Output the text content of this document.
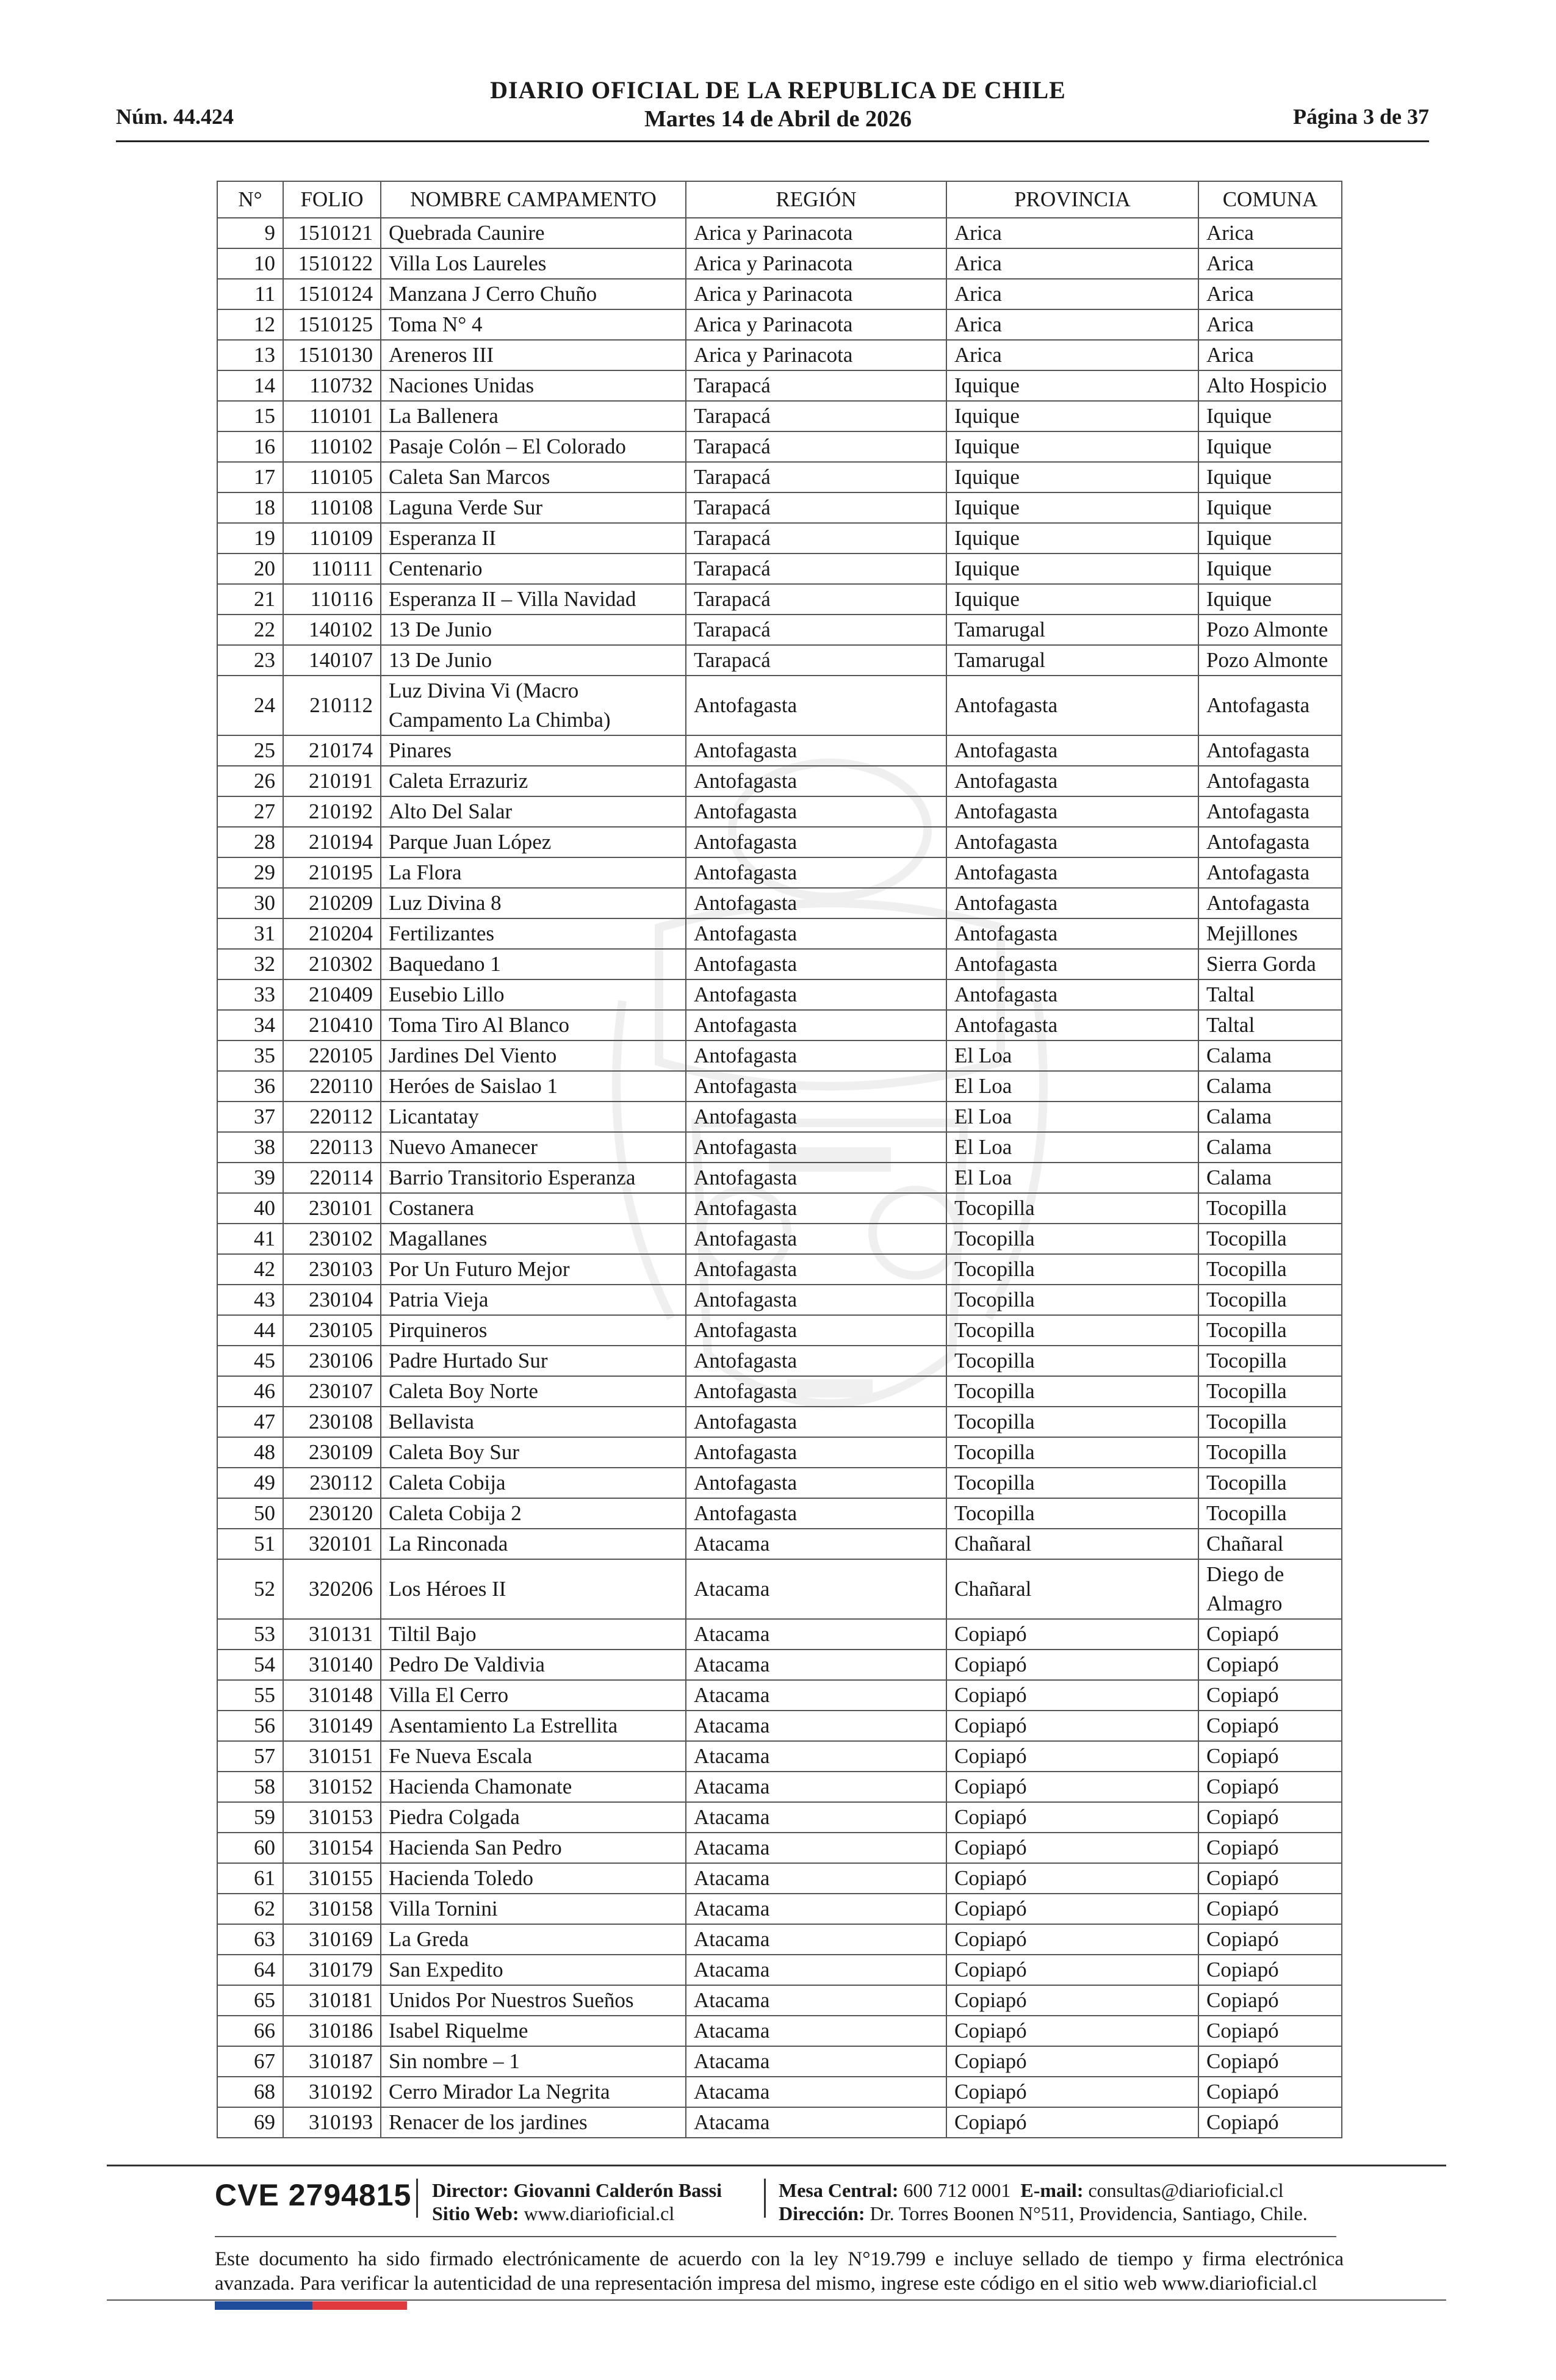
Núm. 44.424
DIARIO OFICIAL DE LA REPUBLICA DE CHILE
Martes 14 de Abril de 2026	Página 3 de 37
N°	FOLIO	NOMBRE CAMPAMENTO	REGIÓN	PROVINCIA	COMUNA
9	1510121	Quebrada Caunire	Arica y Parinacota	Arica	Arica
10	1510122	Villa Los Laureles	Arica y Parinacota	Arica	Arica
11	1510124	Manzana J Cerro Chuño	Arica y Parinacota	Arica	Arica
12	1510125	Toma N° 4	Arica y Parinacota	Arica	Arica
13	1510130	Areneros III	Arica y Parinacota	Arica	Arica
14	110732	Naciones Unidas	Tarapacá	Iquique	Alto Hospicio
15	110101	La Ballenera	Tarapacá	Iquique	Iquique
16	110102	Pasaje Colón – El Colorado	Tarapacá	Iquique	Iquique
17	110105	Caleta San Marcos	Tarapacá	Iquique	Iquique
18	110108	Laguna Verde Sur	Tarapacá	Iquique	Iquique
19	110109	Esperanza II	Tarapacá	Iquique	Iquique
20	110111	Centenario	Tarapacá	Iquique	Iquique
21	110116	Esperanza II – Villa Navidad	Tarapacá	Iquique	Iquique
22	140102	13 De Junio	Tarapacá	Tamarugal	Pozo Almonte
23	140107	13 De Junio	Tarapacá	Tamarugal	Pozo Almonte
24	210112	Luz Divina Vi (Macro Campamento La Chimba)	Antofagasta	Antofagasta	Antofagasta
25	210174	Pinares	Antofagasta	Antofagasta	Antofagasta
26	210191	Caleta Errazuriz	Antofagasta	Antofagasta	Antofagasta
27	210192	Alto Del Salar	Antofagasta	Antofagasta	Antofagasta
28	210194	Parque Juan López	Antofagasta	Antofagasta	Antofagasta
29	210195	La Flora	Antofagasta	Antofagasta	Antofagasta
30	210209	Luz Divina 8	Antofagasta	Antofagasta	Antofagasta
31	210204	Fertilizantes	Antofagasta	Antofagasta	Mejillones
32	210302	Baquedano 1	Antofagasta	Antofagasta	Sierra Gorda
33	210409	Eusebio Lillo	Antofagasta	Antofagasta	Taltal
34	210410	Toma Tiro Al Blanco	Antofagasta	Antofagasta	Taltal
35	220105	Jardines Del Viento	Antofagasta	El Loa	Calama
36	220110	Heróes de Saislao 1	Antofagasta	El Loa	Calama
37	220112	Licantatay	Antofagasta	El Loa	Calama
38	220113	Nuevo Amanecer	Antofagasta	El Loa	Calama
39	220114	Barrio Transitorio Esperanza	Antofagasta	El Loa	Calama
40	230101	Costanera	Antofagasta	Tocopilla	Tocopilla
41	230102	Magallanes	Antofagasta	Tocopilla	Tocopilla
42	230103	Por Un Futuro Mejor	Antofagasta	Tocopilla	Tocopilla
43	230104	Patria Vieja	Antofagasta	Tocopilla	Tocopilla
44	230105	Pirquineros	Antofagasta	Tocopilla	Tocopilla
45	230106	Padre Hurtado Sur	Antofagasta	Tocopilla	Tocopilla
46	230107	Caleta Boy Norte	Antofagasta	Tocopilla	Tocopilla
47	230108	Bellavista	Antofagasta	Tocopilla	Tocopilla
48	230109	Caleta Boy Sur	Antofagasta	Tocopilla	Tocopilla
49	230112	Caleta Cobija	Antofagasta	Tocopilla	Tocopilla
50	230120	Caleta Cobija 2	Antofagasta	Tocopilla	Tocopilla
51	320101	La Rinconada	Atacama	Chañaral	Chañaral
52	320206	Los Héroes II	Atacama	Chañaral	Diego de Almagro
53	310131	Tiltil Bajo	Atacama	Copiapó	Copiapó
54	310140	Pedro De Valdivia	Atacama	Copiapó	Copiapó
55	310148	Villa El Cerro	Atacama	Copiapó	Copiapó
56	310149	Asentamiento La Estrellita	Atacama	Copiapó	Copiapó
57	310151	Fe Nueva Escala	Atacama	Copiapó	Copiapó
58	310152	Hacienda Chamonate	Atacama	Copiapó	Copiapó
59	310153	Piedra Colgada	Atacama	Copiapó	Copiapó
60	310154	Hacienda San Pedro	Atacama	Copiapó	Copiapó
61	310155	Hacienda Toledo	Atacama	Copiapó	Copiapó
62	310158	Villa Tornini	Atacama	Copiapó	Copiapó
63	310169	La Greda	Atacama	Copiapó	Copiapó
64	310179	San Expedito	Atacama	Copiapó	Copiapó
65	310181	Unidos Por Nuestros Sueños	Atacama	Copiapó	Copiapó
66	310186	Isabel Riquelme	Atacama	Copiapó	Copiapó
67	310187	Sin nombre – 1	Atacama	Copiapó	Copiapó
68	310192	Cerro Mirador La Negrita	Atacama	Copiapó	Copiapó
69	310193	Renacer de los jardines	Atacama	Copiapó	Copiapó
CVE 2794815 Director: Giovanni Calderón Bassi
Sitio Web: www.diarioficial.cl
Mesa Central: 600 712 0001 E-mail: consultas@diarioficial.cl
Dirección: Dr. Torres Boonen N°511, Providencia, Santiago, Chile.
Este documento ha sido firmado electrónicamente de acuerdo con la ley N°19.799 e incluye sellado de tiempo y firma electrónica avanzada. Para verificar la autenticidad de una representación impresa del mismo, ingrese este código en el sitio web www.diarioficial.cl
